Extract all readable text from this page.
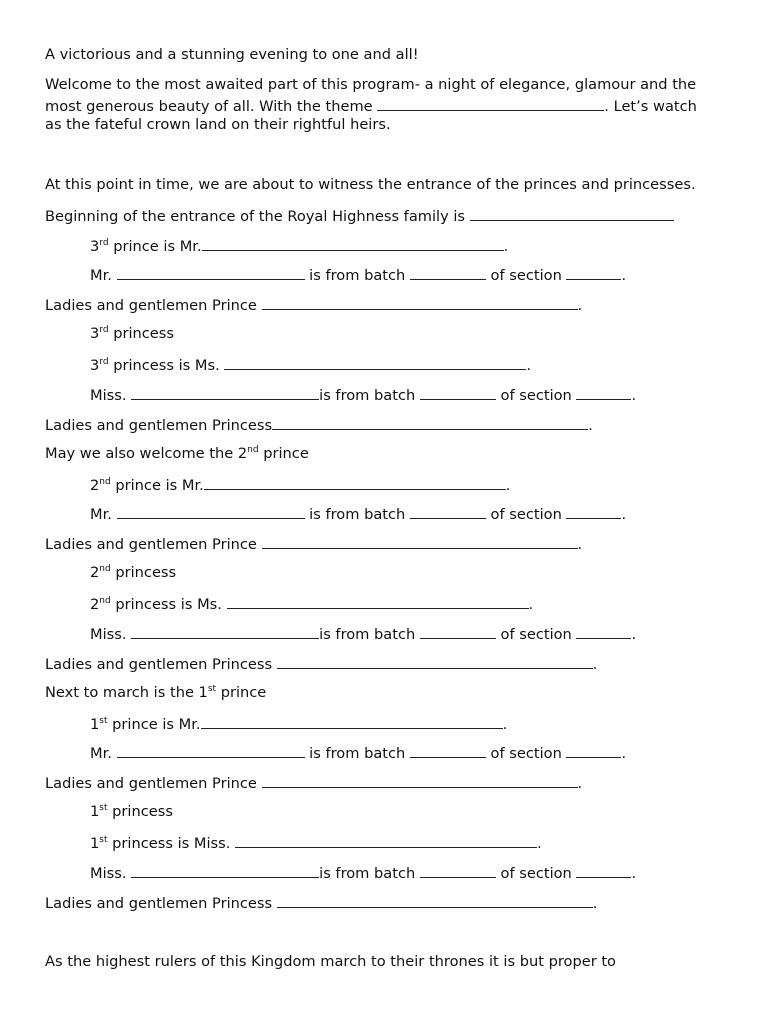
A victorious and a stunning evening to one and all!

Welcome to the most awaited part of this program- a night of elegance, glamour and the

most generous beauty of all. With the theme	. Let’s watch

as the fateful crown land on their rightful heirs.

At this point in time, we are about to witness the entrance of the princes and princesses.

Beginning of the entrance of the Royal Highness family is

3rd prince is Mr.	.

Mr.	is from batch	of section	.

Ladies and gentlemen Prince	.

3rd princess

3rd princess is Ms.	.

Miss.	is from batch	of section	.

Ladies and gentlemen Princess	.

May we also welcome the 2nd prince

2nd prince is Mr.	.

Mr.	is from batch	of section	.

Ladies and gentlemen Prince	.

2nd princess

2nd princess is Ms.	.

Miss.	is from batch	of section	.

Ladies and gentlemen Princess	.

Next to march is the 1st prince

1st prince is Mr.	.

Mr.	is from batch	of section	.

Ladies and gentlemen Prince	.

1st princess

1st princess is Miss.	.

Miss.	is from batch	of section	.

Ladies and gentlemen Princess	.

As the highest rulers of this Kingdom march to their thrones it is but proper to
